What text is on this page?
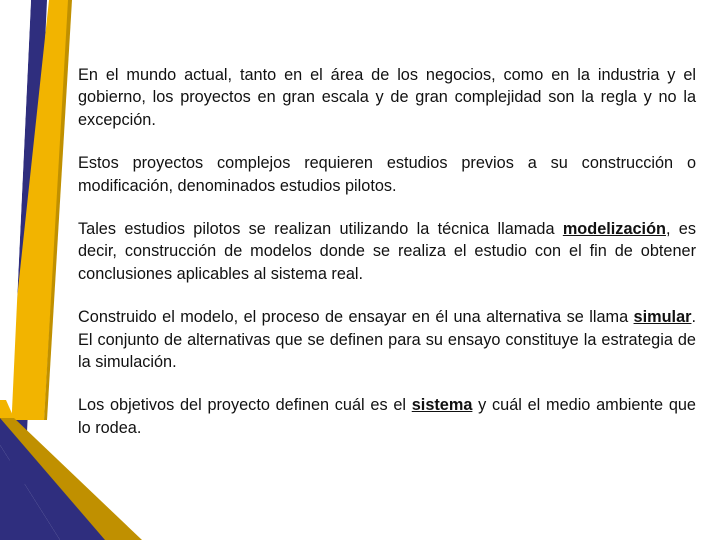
En el mundo actual, tanto en el área de los negocios, como en la industria y el gobierno, los proyectos en gran escala y de gran complejidad son la regla y no la excepción.

Estos proyectos complejos requieren estudios previos a su construcción o modificación, denominados estudios pilotos.

Tales estudios pilotos se realizan utilizando la técnica llamada modelización, es decir, construcción de modelos donde se realiza el estudio con el fin de obtener conclusiones aplicables al sistema real.

Construido el modelo, el proceso de ensayar en él una alternativa se llama simular. El conjunto de alternativas que se definen para su ensayo constituye la estrategia de la simulación.

Los objetivos del proyecto definen cuál es el sistema y cuál el medio ambiente que lo rodea.
